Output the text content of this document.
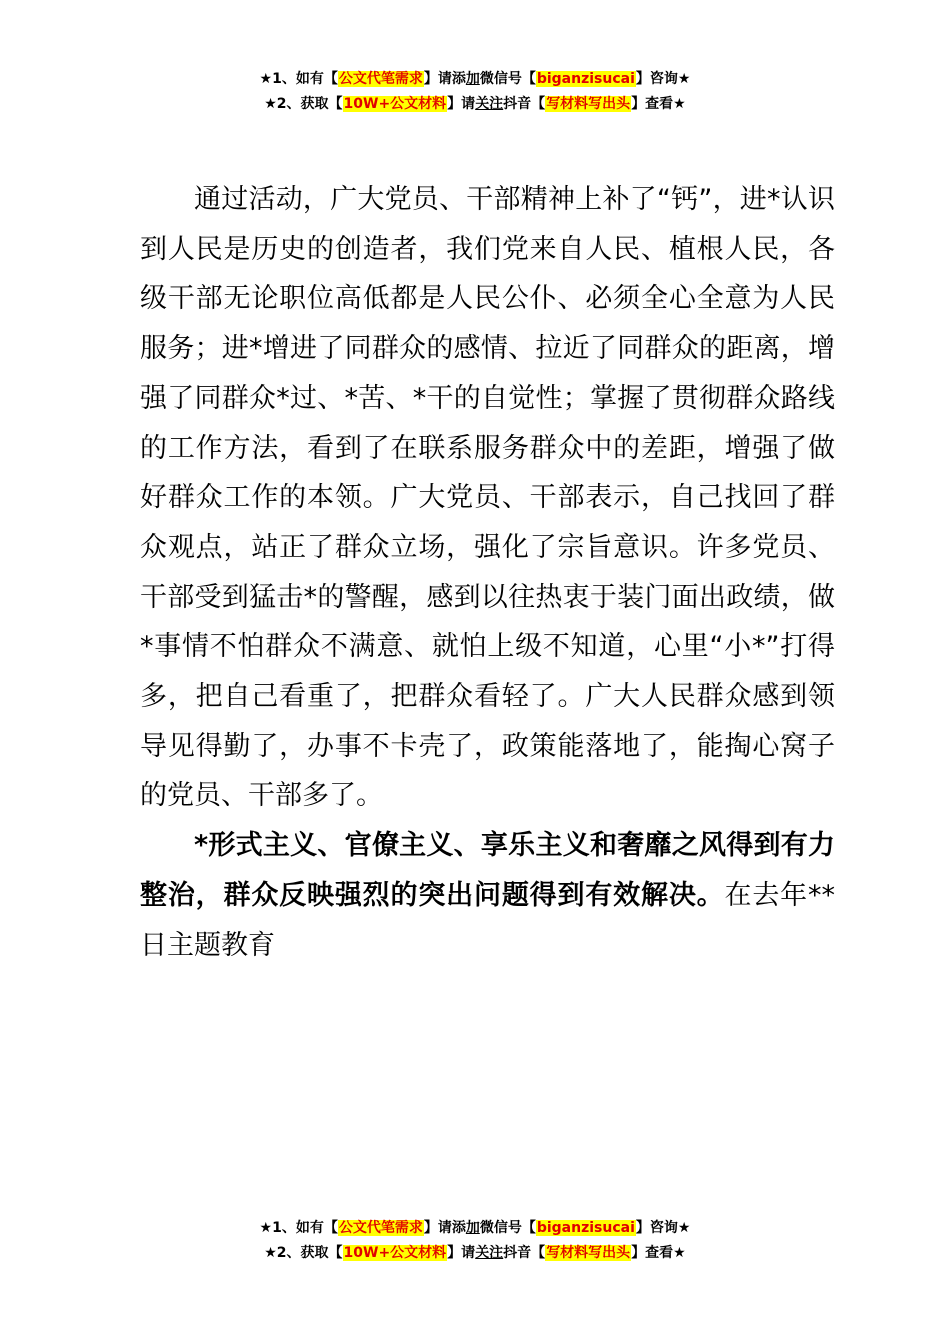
★1、如有【公文代笔需求】请添加微信号【biganzisucai】咨询★
★2、获取【10W+公文材料】请关注抖音【写材料写出头】查看★

通过活动，广大党员、干部精神上补了“钙”，进*认识到人民是历史的创造者，我们党来自人民、植根人民，各级干部无论职位高低都是人民公仆、必须全心全意为人民服务；进*增进了同群众的感情、拉近了同群众的距离，增强了同群众*过、*苦、*干的自觉性；掌握了贯彻群众路线的工作方法，看到了在联系服务群众中的差距，增强了做好群众工作的本领。广大党员、干部表示，自己找回了群众观点，站正了群众立场，强化了宗旨意识。许多党员、干部受到猛击*的警醒，感到以往热衷于装门面出政绩，做*事情不怕群众不满意、就怕上级不知道，心里“小*”打得多，把自己看重了，把群众看轻了。广大人民群众感到领导见得勤了，办事不卡壳了，政策能落地了，能掏心窝子的党员、干部多了。

*形式主义、官僚主义、享乐主义和奢靡之风得到有力整治，群众反映强烈的突出问题得到有效解决。在去年**日主题教育

★1、如有【公文代笔需求】请添加微信号【biganzisucai】咨询★
★2、获取【10W+公文材料】请关注抖音【写材料写出头】查看★
